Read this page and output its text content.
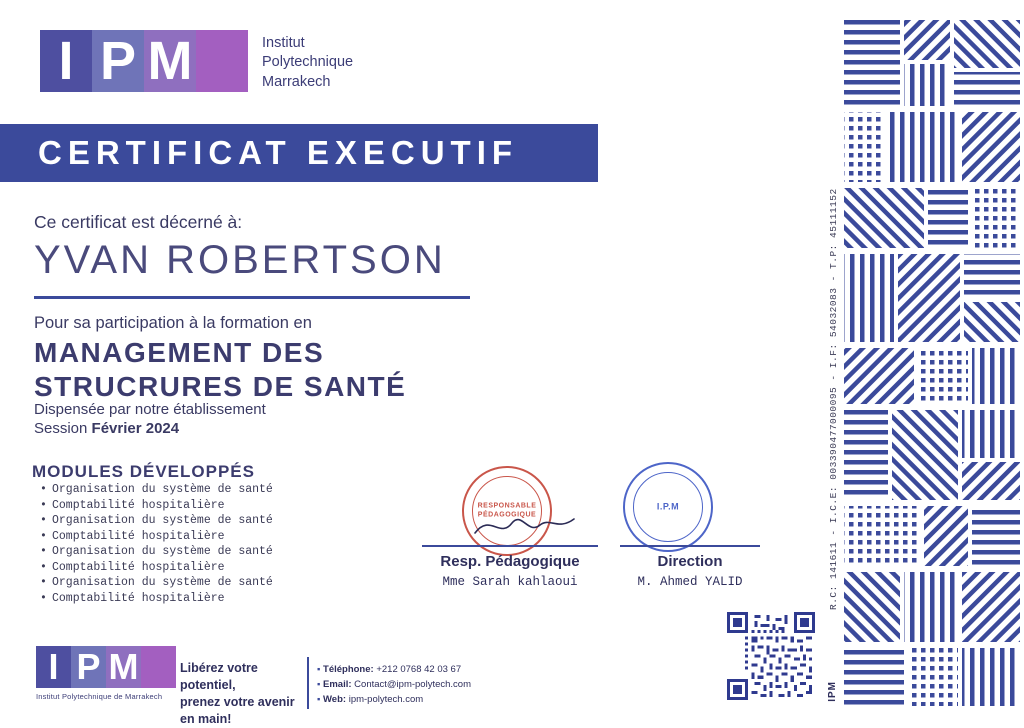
I P M
	Institut
Polytechnique
Marrakech
CERTIFICAT EXECUTIF
Ce certificat est décerné à:
YVAN ROBERTSON
Pour sa participation à la formation en
MANAGEMENT DES
STRUCRURES DE SANTÉ
Dispensée par notre établissement
Session Février 2024
MODULES DÉVELOPPÉS
• Organisation du système de santé
• Comptabilité hospitalière
• Organisation du système de santé
• Comptabilité hospitalière
• Organisation du système de santé
• Comptabilité hospitalière
• Organisation du système de santé
• Comptabilité hospitalière
RESPONSABLE PÉDAGOGIQUE
I.P.M
Resp. Pédagogique
Mme Sarah kahlaoui
Direction
M. Ahmed YALID
I P M

Institut Polytechnique de Marrakech
Libérez votre potentiel,
prenez votre avenir
en main!
▪ Téléphone: +212 0768 42 03 67
▪ Email: Contact@ipm-polytech.com
▪ Web: ipm-polytech.com
R.C: 141611 - I.C.E: 003390477000095 - I.F: 54032083 - T.P: 45111152
IPM
